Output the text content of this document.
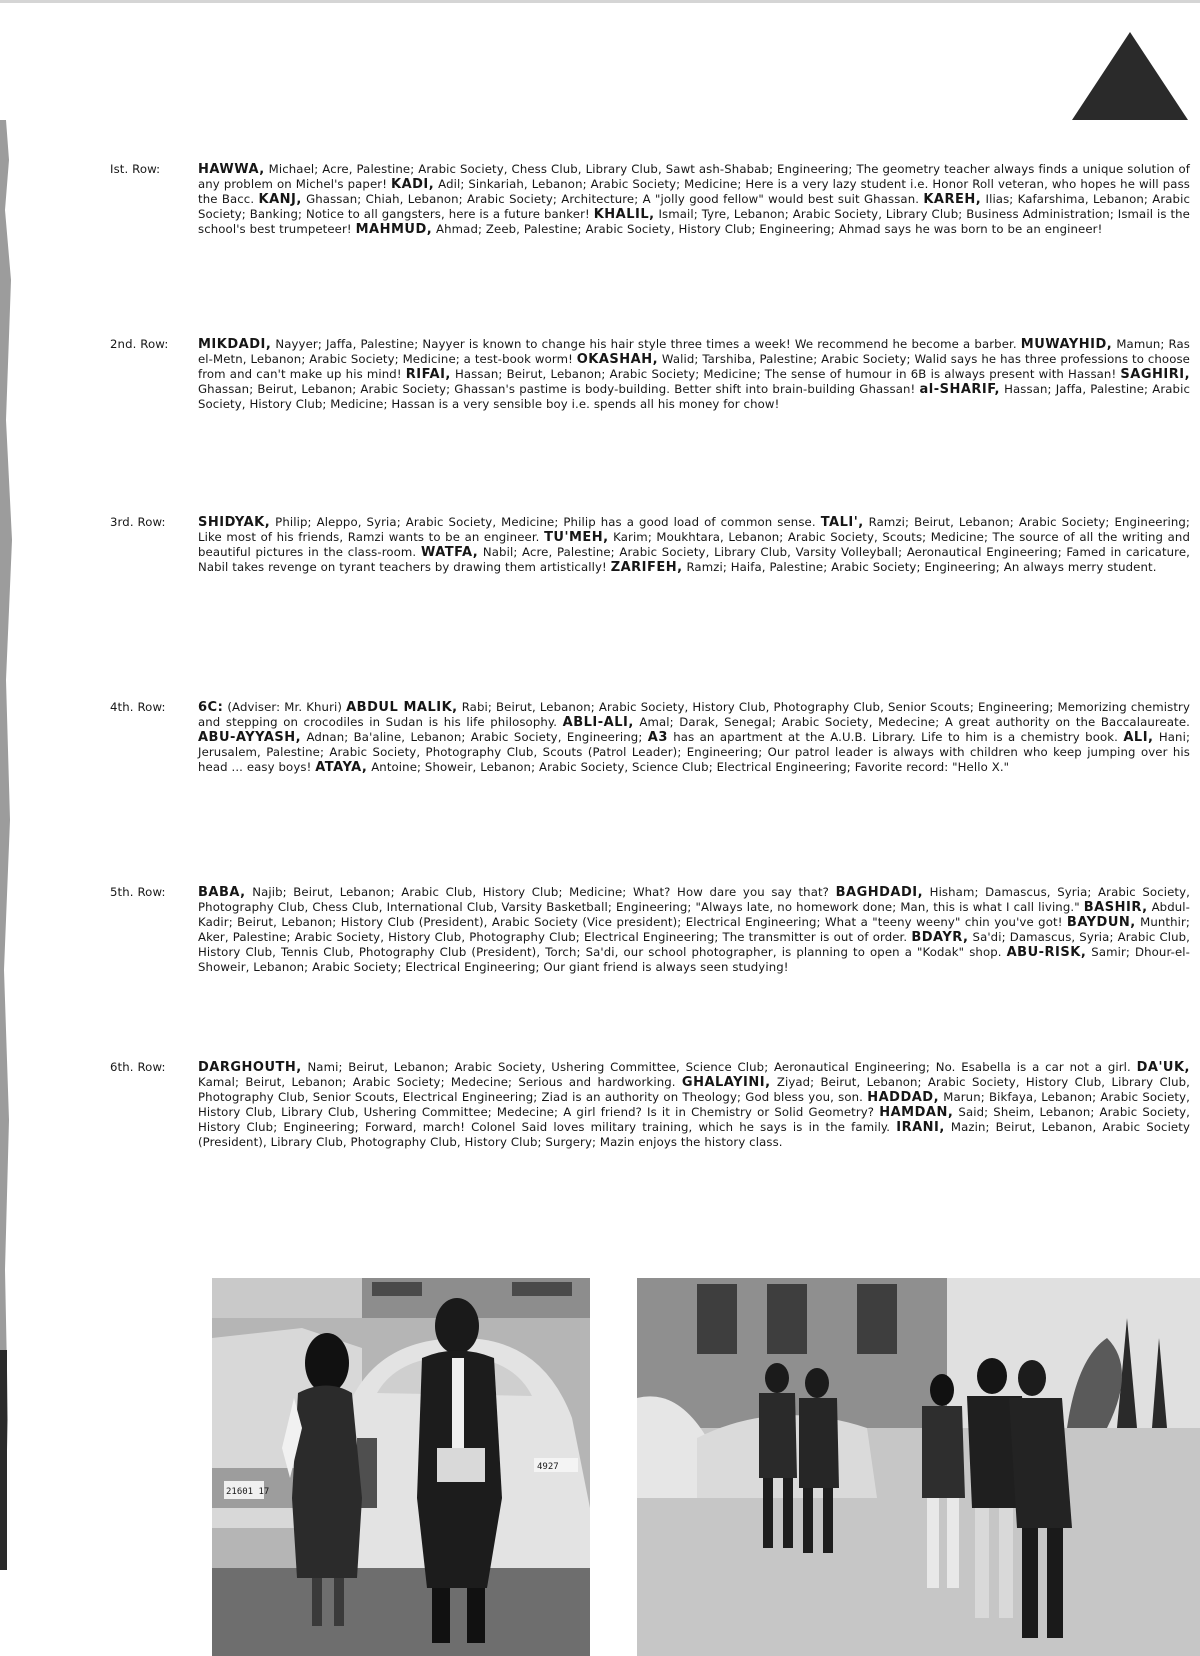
Ist. Row:	HAWWA, Michael; Acre, Palestine; Arabic Society, Chess Club, Library Club, Sawt ash-Shabab; Engineering; The geometry teacher always finds a unique solution of any problem on Michel's paper! KADI, Adil; Sinkariah, Lebanon; Arabic Society; Medicine; Here is a very lazy student i.e. Honor Roll veteran, who hopes he will pass the Bacc. KANJ, Ghassan; Chiah, Lebanon; Arabic Society; Architecture; A "jolly good fellow" would best suit Ghassan. KAREH, Ilias; Kafarshima, Lebanon; Arabic Society; Banking; Notice to all gangsters, here is a future banker! KHALIL, Ismail; Tyre, Lebanon; Arabic Society, Library Club; Business Administration; Ismail is the school's best trumpeteer! MAHMUD, Ahmad; Zeeb, Palestine; Arabic Society, History Club; Engineering; Ahmad says he was born to be an engineer!

2nd. Row: MIKDADI, Nayyer; Jaffa, Palestine; Nayyer is known to change his hair style three times a week! We recommend he become a barber. MUWAYHID, Mamun; Ras el-Metn, Lebanon; Arabic Society; Medicine; a test-book worm! OKASHAH, Walid; Tarshiba, Palestine; Arabic Society; Walid says he has three professions to choose from and can't make up his mind! RIFAI, Hassan; Beirut, Lebanon; Arabic Society; Medicine; The sense of humour in 6B is always present with Hassan! SAGHIRI, Ghassan; Beirut, Lebanon; Arabic Society; Ghassan's pastime is body-building. Better shift into brain-building Ghassan! al-SHARIF, Hassan; Jaffa, Palestine; Arabic Society, History Club; Medicine; Hassan is a very sensible boy i.e. spends all his money for chow!

3rd. Row: SHIDYAK, Philip; Aleppo, Syria; Arabic Society, Medicine; Philip has a good load of common sense. TALI', Ramzi; Beirut, Lebanon; Arabic Society; Engineering; Like most of his friends, Ramzi wants to be an engineer. TU'MEH, Karim; Moukhtara, Lebanon; Arabic Society, Scouts; Medicine; The source of all the writing and beautiful pictures in the class-room. WATFA, Nabil; Acre, Palestine; Arabic Society, Library Club, Varsity Volleyball; Aeronautical Engineering; Famed in caricature, Nabil takes revenge on tyrant teachers by drawing them artistically! ZARIFEH, Ramzi; Haifa, Palestine; Arabic Society; Engineering; An always merry student.

4th. Row: 6C: (Adviser: Mr. Khuri) ABDUL MALIK, Rabi; Beirut, Lebanon; Arabic Society, History Club, Photography Club, Senior Scouts; Engineering; Memorizing chemistry and stepping on crocodiles in Sudan is his life philosophy. ABLI-ALI, Amal; Darak, Senegal; Arabic Society, Medecine; A great authority on the Baccalaureate. ABU-AYYASH, Adnan; Ba'aline, Lebanon; Arabic Society, Engineering; A3 has an apartment at the A.U.B. Library. Life to him is a chemistry book. ALI, Hani; Jerusalem, Palestine; Arabic Society, Photography Club, Scouts (Patrol Leader); Engineering; Our patrol leader is always with children who keep jumping over his head ... easy boys! ATAYA, Antoine; Showeir, Lebanon; Arabic Society, Science Club; Electrical Engineering; Favorite record: "Hello X."

5th. Row: BABA, Najib; Beirut, Lebanon; Arabic Club, History Club; Medicine; What? How dare you say that? BAGHDADI, Hisham; Damascus, Syria; Arabic Society, Photography Club, Chess Club, International Club, Varsity Basketball; Engineering; "Always late, no homework done; Man, this is what I call living." BASHIR, Abdul-Kadir; Beirut, Lebanon; History Club (President), Arabic Society (Vice president); Electrical Engineering; What a "teeny weeny" chin you've got! BAYDUN, Munthir; Aker, Palestine; Arabic Society, History Club, Photography Club; Electrical Engineering; The transmitter is out of order. BDAYR, Sa'di; Damascus, Syria; Arabic Club, History Club, Tennis Club, Photography Club (President), Torch; Sa'di, our school photographer, is planning to open a "Kodak" shop. ABU-RISK, Samir; Dhour-el-Showeir, Lebanon; Arabic Society; Electrical Engineering; Our giant friend is always seen studying!

6th. Row: DARGHOUTH, Nami; Beirut, Lebanon; Arabic Society, Ushering Committee, Science Club; Aeronautical Engineering; No. Esabella is a car not a girl. DA'UK, Kamal; Beirut, Lebanon; Arabic Society; Medecine; Serious and hardworking. GHALAYINI, Ziyad; Beirut, Lebanon; Arabic Society, History Club, Library Club, Photography Club, Senior Scouts, Electrical Engineering; Ziad is an authority on Theology; God bless you, son. HADDAD, Marun; Bikfaya, Lebanon; Arabic Society, History Club, Library Club, Ushering Committee; Medecine; A girl friend? Is it in Chemistry or Solid Geometry? HAMDAN, Said; Sheim, Lebanon; Arabic Society, History Club; Engineering; Forward, march! Colonel Said loves military training, which he says is in the family. IRANI, Mazin; Beirut, Lebanon, Arabic Society (President), Library Club, Photography Club, History Club; Surgery; Mazin enjoys the history class.

21601 17
4927
